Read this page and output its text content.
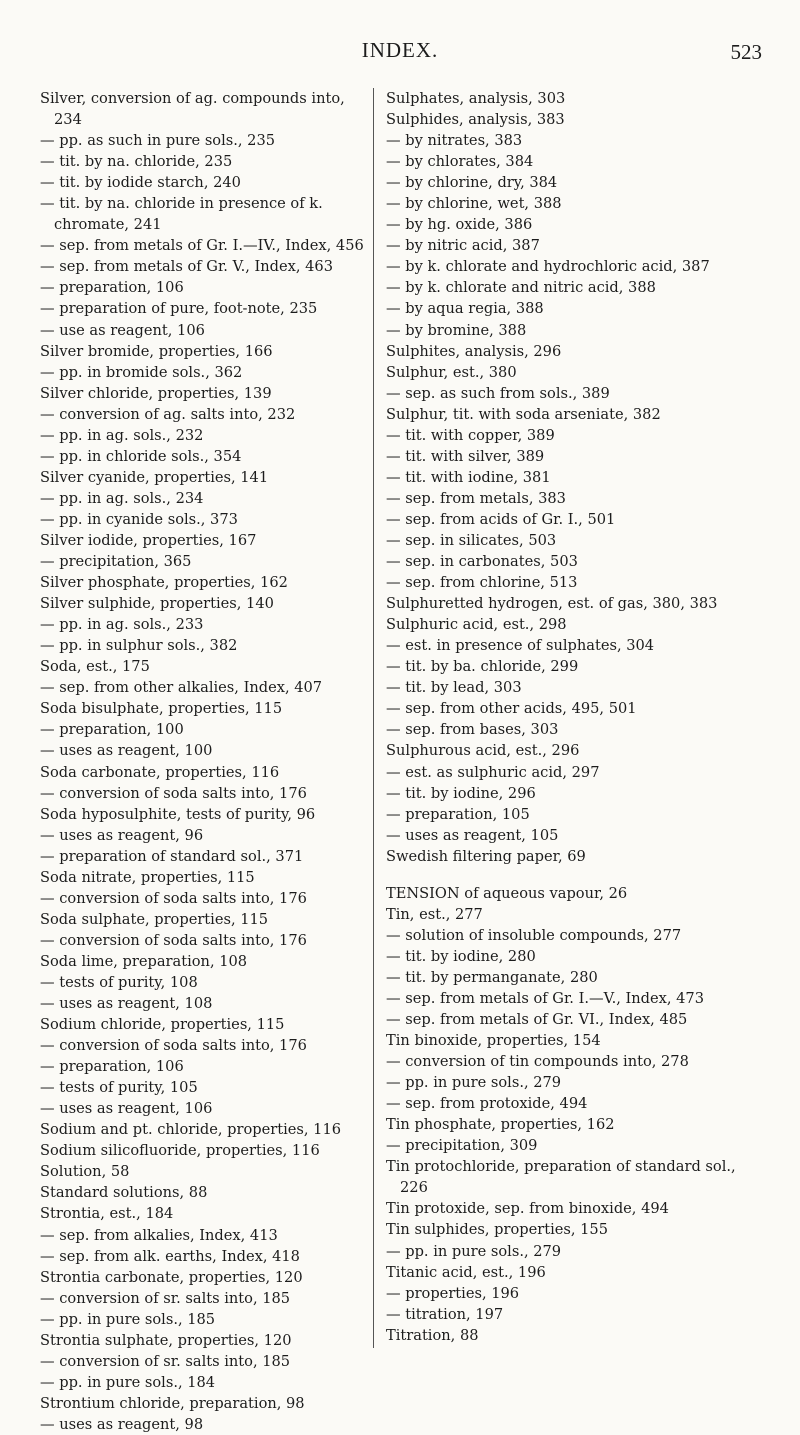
INDEX.	523
Silver, conversion of ag. compounds into, 234
— pp. as such in pure sols., 235
— tit. by na. chloride, 235
— tit. by iodide starch, 240
— tit. by na. chloride in presence of k. chromate, 241
— sep. from metals of Gr. I.—IV., Index, 456
— sep. from metals of Gr. V., Index, 463
— preparation, 106
— preparation of pure, foot-note, 235
— use as reagent, 106
Silver bromide, properties, 166
— pp. in bromide sols., 362
Silver chloride, properties, 139
— conversion of ag. salts into, 232
— pp. in ag. sols., 232
— pp. in chloride sols., 354
Silver cyanide, properties, 141
— pp. in ag. sols., 234
— pp. in cyanide sols., 373
Silver iodide, properties, 167
— precipitation, 365
Silver phosphate, properties, 162
Silver sulphide, properties, 140
— pp. in ag. sols., 233
— pp. in sulphur sols., 382
Soda, est., 175
— sep. from other alkalies, Index, 407
Soda bisulphate, properties, 115
— preparation, 100
— uses as reagent, 100
Soda carbonate, properties, 116
— conversion of soda salts into, 176
Soda hyposulphite, tests of purity, 96
— uses as reagent, 96
— preparation of standard sol., 371
Soda nitrate, properties, 115
— conversion of soda salts into, 176
Soda sulphate, properties, 115
— conversion of soda salts into, 176
Soda lime, preparation, 108
— tests of purity, 108
— uses as reagent, 108
Sodium chloride, properties, 115
— conversion of soda salts into, 176
— preparation, 106
— tests of purity, 105
— uses as reagent, 106
Sodium and pt. chloride, properties, 116
Sodium silicofluoride, properties, 116
Solution, 58
Standard solutions, 88
Strontia, est., 184
— sep. from alkalies, Index, 413
— sep. from alk. earths, Index, 418
Strontia carbonate, properties, 120
— conversion of sr. salts into, 185
— pp. in pure sols., 185
Strontia sulphate, properties, 120
— conversion of sr. salts into, 185
— pp. in pure sols., 184
Strontium chloride, preparation, 98
— uses as reagent, 98
Sulphates, analysis, 303
Sulphides, analysis, 383
— by nitrates, 383
— by chlorates, 384
— by chlorine, dry, 384
— by chlorine, wet, 388
— by hg. oxide, 386
— by nitric acid, 387
— by k. chlorate and hydrochloric acid, 387
— by k. chlorate and nitric acid, 388
— by aqua regia, 388
— by bromine, 388
Sulphites, analysis, 296
Sulphur, est., 380
— sep. as such from sols., 389
Sulphur, tit. with soda arseniate, 382
— tit. with copper, 389
— tit. with silver, 389
— tit. with iodine, 381
— sep. from metals, 383
— sep. from acids of Gr. I., 501
— sep. in silicates, 503
— sep. in carbonates, 503
— sep. from chlorine, 513
Sulphuretted hydrogen, est. of gas, 380, 383
Sulphuric acid, est., 298
— est. in presence of sulphates, 304
— tit. by ba. chloride, 299
— tit. by lead, 303
— sep. from other acids, 495, 501
— sep. from bases, 303
Sulphurous acid, est., 296
— est. as sulphuric acid, 297
— tit. by iodine, 296
— preparation, 105
— uses as reagent, 105
Swedish filtering paper, 69
TENSION of aqueous vapour, 26
Tin, est., 277
— solution of insoluble compounds, 277
— tit. by iodine, 280
— tit. by permanganate, 280
— sep. from metals of Gr. I.—V., Index, 473
— sep. from metals of Gr. VI., Index, 485
Tin binoxide, properties, 154
— conversion of tin compounds into, 278
— pp. in pure sols., 279
— sep. from protoxide, 494
Tin phosphate, properties, 162
— precipitation, 309
Tin protochloride, preparation of standard sol., 226
Tin protoxide, sep. from binoxide, 494
Tin sulphides, properties, 155
— pp. in pure sols., 279
Titanic acid, est., 196
— properties, 196
— titration, 197
Titration, 88
